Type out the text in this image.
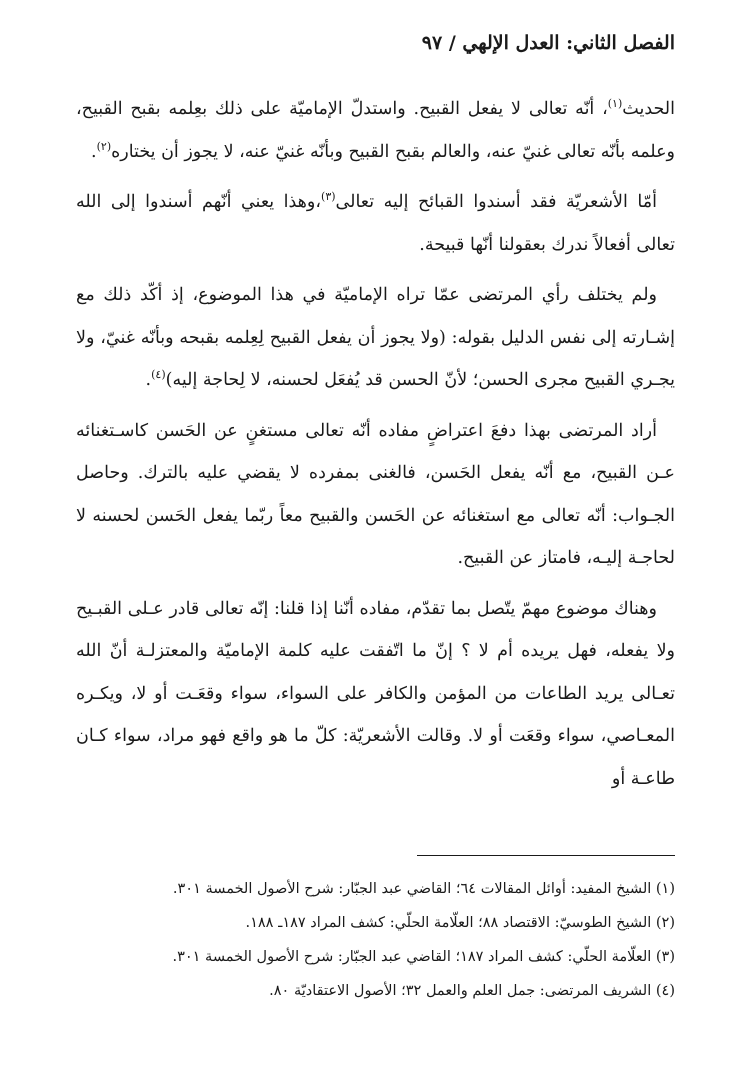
الفصل الثاني: العدل الإلهي / ٩٧

الحديث$^{(١)}$، أنّه تعالى لا يفعل القبيح. واستدلّ الإماميّة على ذلك بعِلمه بقبح القبيح، وعلمه بأنّه تعالى غنيّ عنه، والعالم بقبح القبيح وبأنّه غنيّ عنه، لا يجوز أن يختاره$^{(٢)}$.

أمّا الأشعريّة فقد أسندوا القبائح إليه تعالى$^{(٣)}$،وهذا يعني أنّهم أسندوا إلى الله تعالى أفعالاً ندرك بعقولنا أنّها قبيحة.

ولم يختلف رأي المرتضى عمّا تراه الإماميّة في هذا الموضوع، إذ أكّد ذلك مع إشـارته إلى نفس الدليل بقوله: (ولا يجوز أن يفعل القبيح لِعِلمه بقبحه وبأنّه غنيّ، ولا يجـري القبيح مجرى الحسن؛ لأنّ الحسن قد يُفعَل لحسنه، لا لِحاجة إليه)$^{(٤)}$.

أراد المرتضى بهذا دفعَ اعتراضٍ مفاده أنّه تعالى مستغنٍ عن الحَسن كاسـتغنائه عـن القبيح، مع أنّه يفعل الحَسن، فالغنى بمفرده لا يقضي عليه بالترك. وحاصل الجـواب: أنّه تعالى مع استغنائه عن الحَسن والقبيح معاً ربّما يفعل الحَسن لحسنه لا لحاجـة إليـه، فامتاز عن القبيح.

وهناك موضوع مهمّ يتّصل بما تقدّم، مفاده أنّنا إذا قلنا: إنّه تعالى قادر عـلى القبـيح ولا يفعله، فهل يريده أم لا ؟ إنّ ما اتّفقت عليه كلمة الإماميّة والمعتزلـة أنّ الله تعـالى يريد الطاعات من المؤمن والكافر على السواء، سواء وقعَـت أو لا، ويكـره المعـاصي، سواء وقعَت أو لا. وقالت الأشعريّة: كلّ ما هو واقع فهو مراد، سواء كـان طاعـة أو

(١) الشيخ المفيد: أوائل المقالات ٦٤؛ القاضي عبد الجبّار: شرح الأصول الخمسة ٣٠١.
(٢) الشيخ الطوسيّ: الاقتصاد ٨٨؛ العلّامة الحلّي: كشف المراد ١٨٧ـ ١٨٨.
(٣) العلّامة الحلّي: كشف المراد ١٨٧؛ القاضي عبد الجبّار: شرح الأصول الخمسة ٣٠١.
(٤) الشريف المرتضى: جمل العلم والعمل ٣٢؛ الأصول الاعتقاديّة ٨٠.
